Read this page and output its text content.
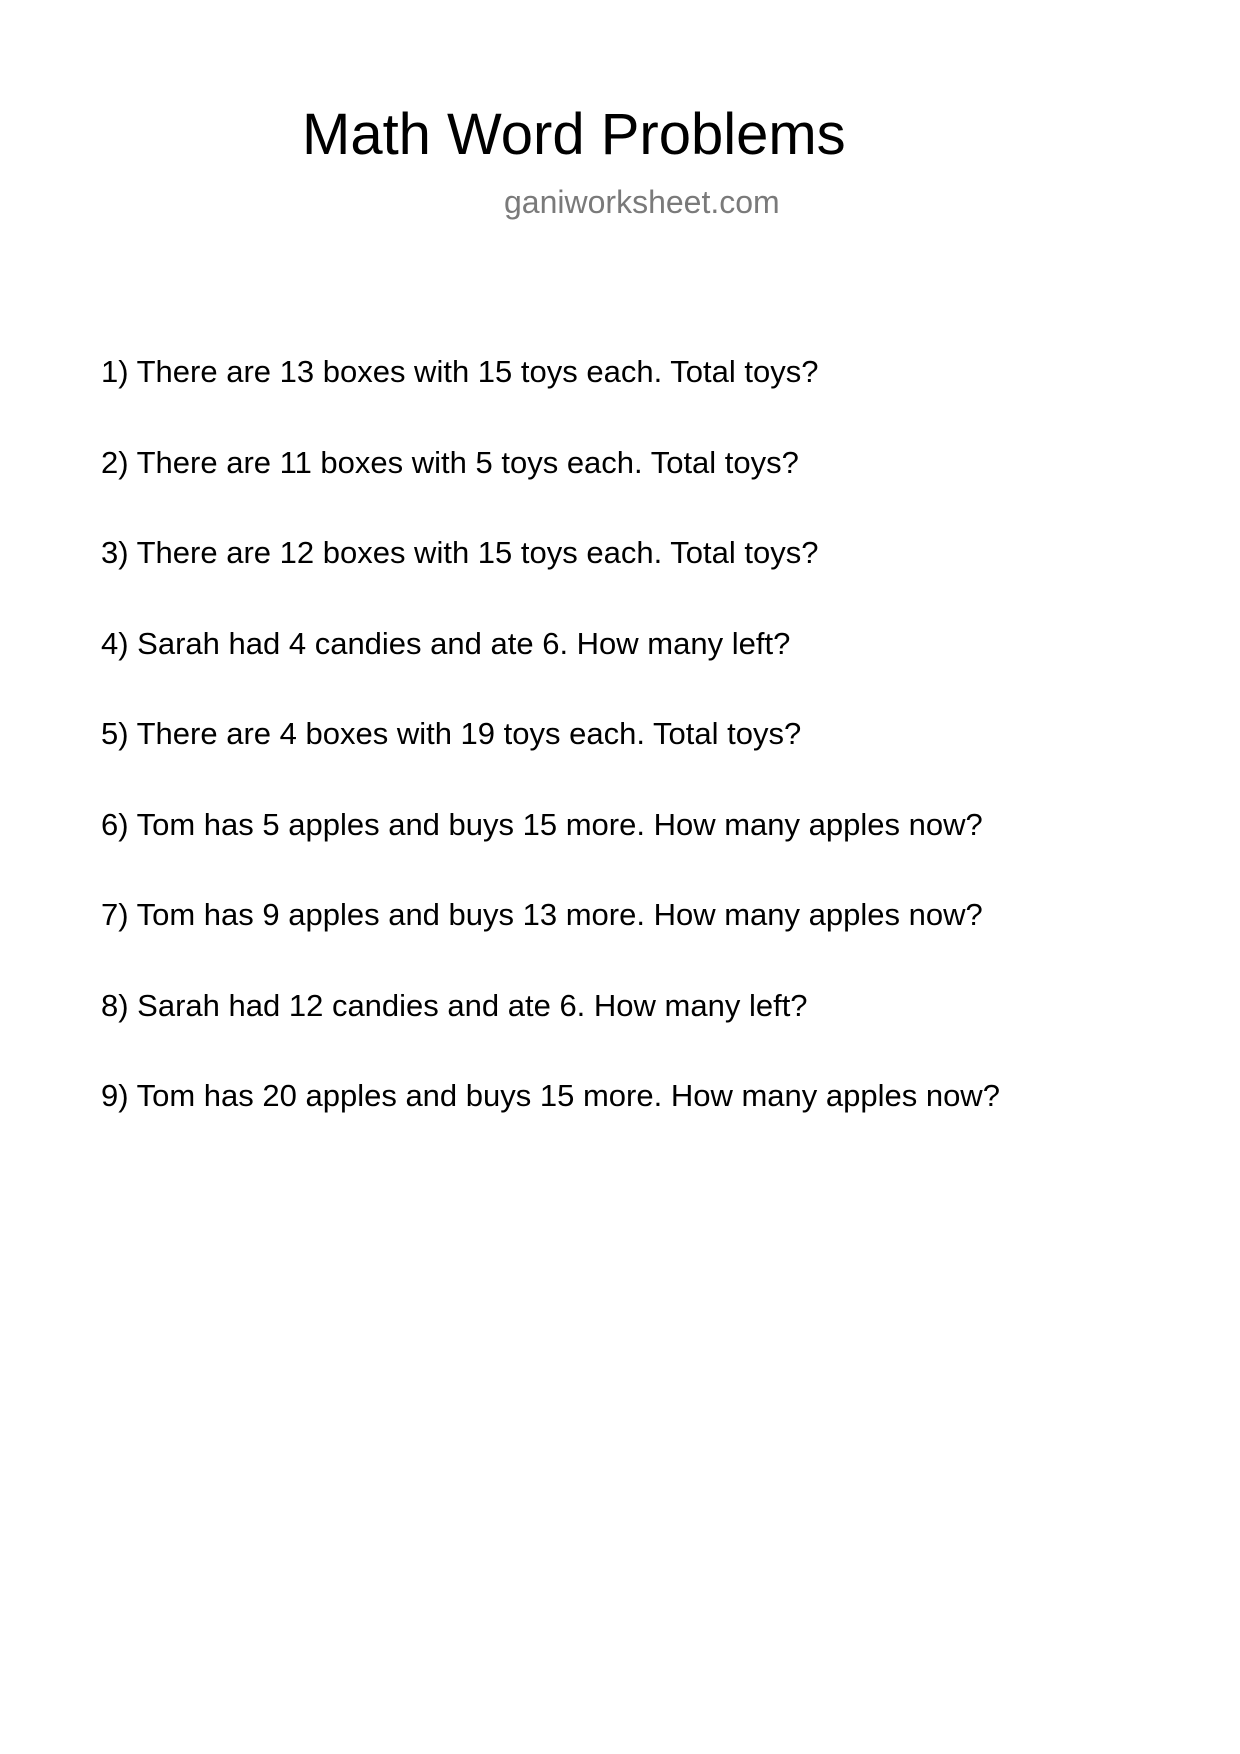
Math Word Problems
ganiworksheet.com
1) There are 13 boxes with 15 toys each. Total toys?
2) There are 11 boxes with 5 toys each. Total toys?
3) There are 12 boxes with 15 toys each. Total toys?
4) Sarah had 4 candies and ate 6. How many left?
5) There are 4 boxes with 19 toys each. Total toys?
6) Tom has 5 apples and buys 15 more. How many apples now?
7) Tom has 9 apples and buys 13 more. How many apples now?
8) Sarah had 12 candies and ate 6. How many left?
9) Tom has 20 apples and buys 15 more. How many apples now?
